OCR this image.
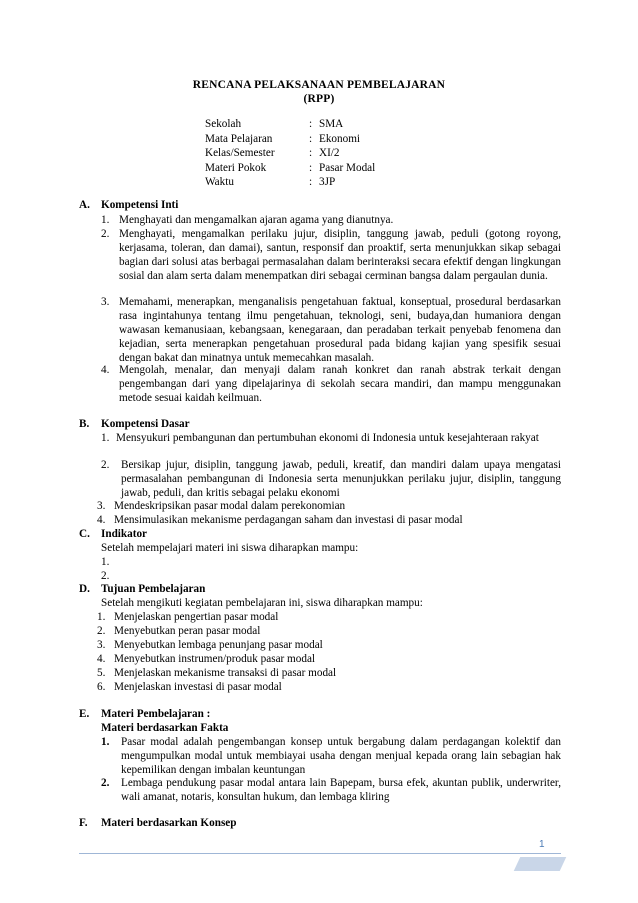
RENCANA PELAKSANAAN PEMBELAJARAN
(RPP)
Sekolah	: SMA
Mata Pelajaran	: Ekonomi
Kelas/Semester	: XI/2
Materi Pokok	: Pasar Modal
Waktu	: 3JP
A. Kompetensi Inti
1. Menghayati dan mengamalkan ajaran agama yang dianutnya.
2. Menghayati, mengamalkan perilaku jujur, disiplin, tanggung jawab, peduli (gotong royong, kerjasama, toleran, dan damai), santun, responsif dan proaktif, serta menunjukkan sikap sebagai bagian dari solusi atas berbagai permasalahan dalam berinteraksi secara efektif dengan lingkungan sosial dan alam serta dalam menempatkan diri sebagai cerminan bangsa dalam pergaulan dunia.
3. Memahami, menerapkan, menganalisis pengetahuan faktual, konseptual, prosedural berdasarkan rasa ingintahunya tentang ilmu pengetahuan, teknologi, seni, budaya,dan humaniora dengan wawasan kemanusiaan, kebangsaan, kenegaraan, dan peradaban terkait penyebab fenomena dan kejadian, serta menerapkan pengetahuan prosedural pada bidang kajian yang spesifik sesuai dengan bakat dan minatnya untuk memecahkan masalah.
4. Mengolah, menalar, dan menyaji dalam ranah konkret dan ranah abstrak terkait dengan pengembangan dari yang dipelajarinya di sekolah secara mandiri, dan mampu menggunakan metode sesuai kaidah keilmuan.
B. Kompetensi Dasar
1. Mensyukuri pembangunan dan pertumbuhan ekonomi di Indonesia untuk kesejahteraan rakyat
2. Bersikap jujur, disiplin, tanggung jawab, peduli, kreatif, dan mandiri dalam upaya mengatasi permasalahan pembangunan di Indonesia serta menunjukkan perilaku jujur, disiplin, tanggung jawab, peduli, dan kritis sebagai pelaku ekonomi
3. Mendeskripsikan pasar modal dalam perekonomian
4. Mensimulasikan mekanisme perdagangan saham dan investasi di pasar modal
C. Indikator
Setelah mempelajari materi ini siswa diharapkan mampu:
1.
2.
D. Tujuan Pembelajaran
Setelah mengikuti kegiatan pembelajaran ini, siswa diharapkan mampu:
1. Menjelaskan pengertian pasar modal
2. Menyebutkan peran pasar modal
3. Menyebutkan lembaga penunjang pasar modal
4. Menyebutkan instrumen/produk pasar modal
5. Menjelaskan mekanisme transaksi di pasar modal
6. Menjelaskan investasi di pasar modal
E. Materi Pembelajaran :
Materi berdasarkan Fakta
1. Pasar modal adalah pengembangan konsep untuk bergabung dalam perdagangan kolektif dan mengumpulkan modal untuk membiayai usaha dengan menjual kepada orang lain sebagian hak kepemilikan dengan imbalan keuntungan
2. Lembaga pendukung pasar modal antara lain Bapepam, bursa efek, akuntan publik, underwriter, wali amanat, notaris, konsultan hukum, dan lembaga kliring
F. Materi berdasarkan Konsep
1
